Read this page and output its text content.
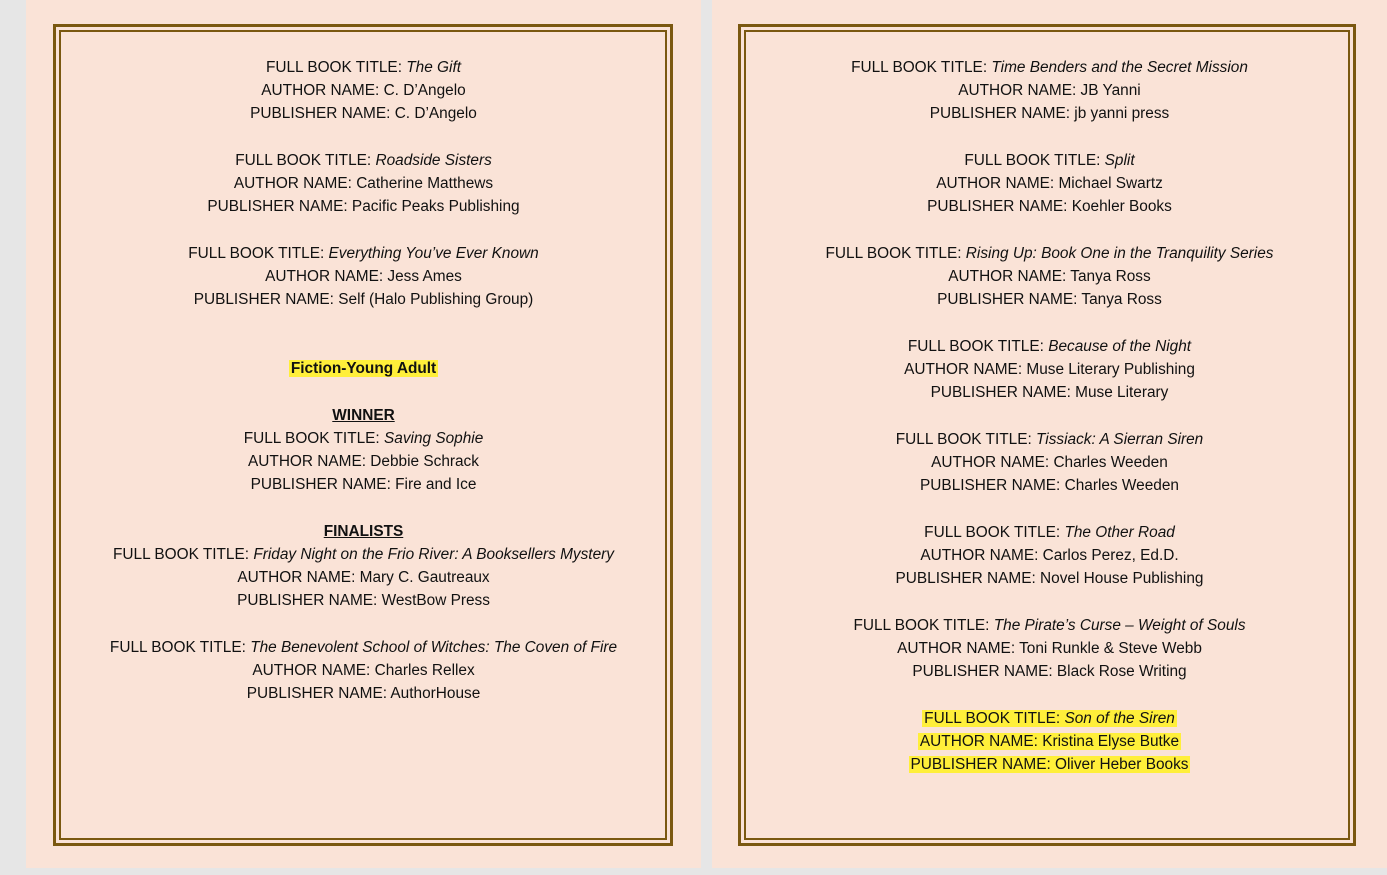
FULL BOOK TITLE: The Gift
AUTHOR NAME: C. D’Angelo
PUBLISHER NAME: C. D’Angelo
FULL BOOK TITLE: Roadside Sisters
AUTHOR NAME: Catherine Matthews
PUBLISHER NAME: Pacific Peaks Publishing
FULL BOOK TITLE: Everything You’ve Ever Known
AUTHOR NAME: Jess Ames
PUBLISHER NAME: Self (Halo Publishing Group)
Fiction-Young Adult
WINNER
FULL BOOK TITLE: Saving Sophie
AUTHOR NAME: Debbie Schrack
PUBLISHER NAME: Fire and Ice
FINALISTS
FULL BOOK TITLE: Friday Night on the Frio River: A Booksellers Mystery
AUTHOR NAME: Mary C. Gautreaux
PUBLISHER NAME: WestBow Press
FULL BOOK TITLE: The Benevolent School of Witches: The Coven of Fire
AUTHOR NAME: Charles Rellex
PUBLISHER NAME: AuthorHouse
FULL BOOK TITLE: Time Benders and the Secret Mission
AUTHOR NAME: JB Yanni
PUBLISHER NAME: jb yanni press
FULL BOOK TITLE: Split
AUTHOR NAME: Michael Swartz
PUBLISHER NAME: Koehler Books
FULL BOOK TITLE: Rising Up: Book One in the Tranquility Series
AUTHOR NAME: Tanya Ross
PUBLISHER NAME: Tanya Ross
FULL BOOK TITLE: Because of the Night
AUTHOR NAME: Muse Literary Publishing
PUBLISHER NAME: Muse Literary
FULL BOOK TITLE: Tissiack: A Sierran Siren
AUTHOR NAME: Charles Weeden
PUBLISHER NAME: Charles Weeden
FULL BOOK TITLE: The Other Road
AUTHOR NAME: Carlos Perez, Ed.D.
PUBLISHER NAME: Novel House Publishing
FULL BOOK TITLE: The Pirate’s Curse – Weight of Souls
AUTHOR NAME: Toni Runkle & Steve Webb
PUBLISHER NAME: Black Rose Writing
FULL BOOK TITLE: Son of the Siren
AUTHOR NAME: Kristina Elyse Butke
PUBLISHER NAME: Oliver Heber Books
